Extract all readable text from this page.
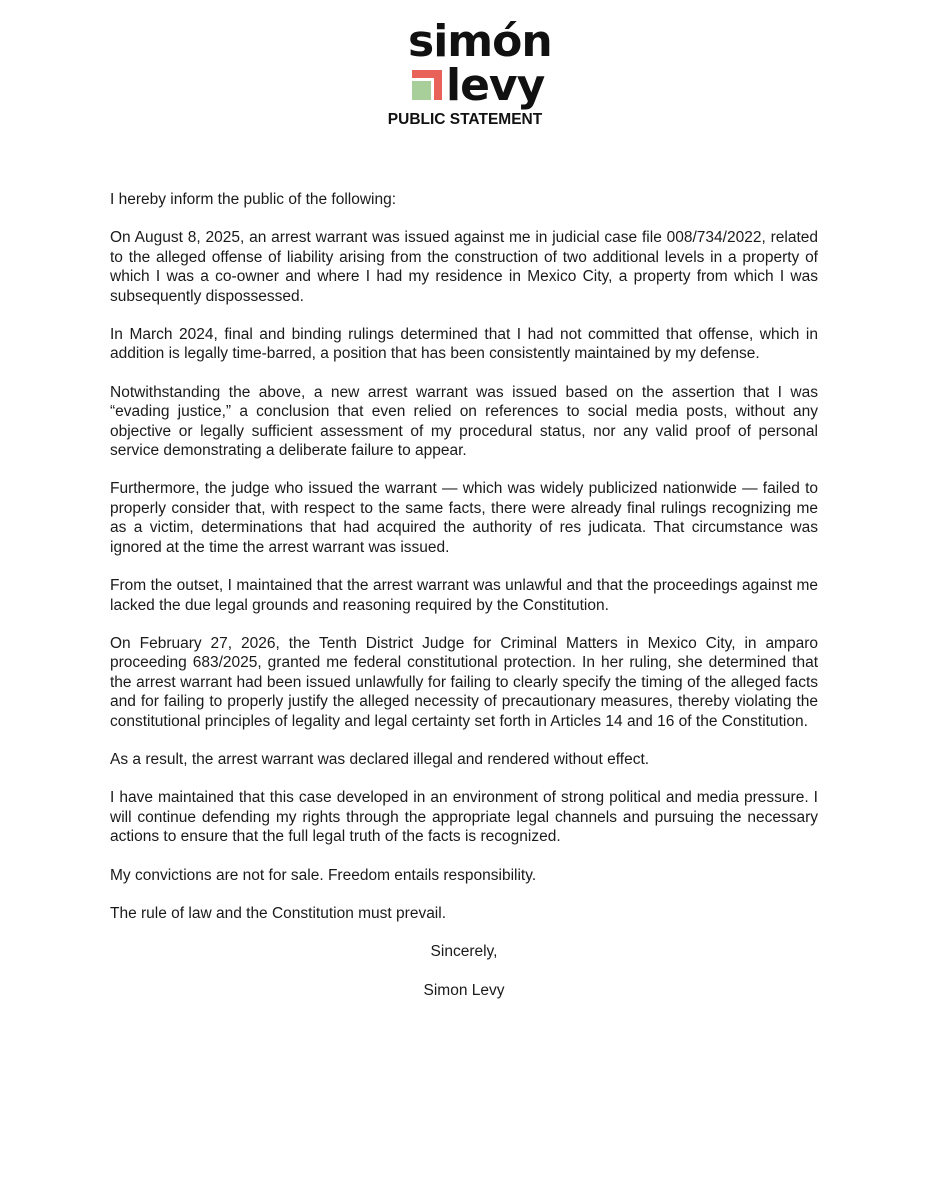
simón
levy
PUBLIC STATEMENT

I hereby inform the public of the following:

On August 8, 2025, an arrest warrant was issued against me in judicial case file 008/734/2022, related to the alleged offense of liability arising from the construction of two additional levels in a property of which I was a co-owner and where I had my residence in Mexico City, a property from which I was subsequently dispossessed.

In March 2024, final and binding rulings determined that I had not committed that offense, which in addition is legally time-barred, a position that has been consistently maintained by my defense.

Notwithstanding the above, a new arrest warrant was issued based on the assertion that I was “evading justice,” a conclusion that even relied on references to social media posts, without any objective or legally sufficient assessment of my procedural status, nor any valid proof of personal service demonstrating a deliberate failure to appear.

Furthermore, the judge who issued the warrant — which was widely publicized nationwide — failed to properly consider that, with respect to the same facts, there were already final rulings recognizing me as a victim, determinations that had acquired the authority of res judicata. That circumstance was ignored at the time the arrest warrant was issued.

From the outset, I maintained that the arrest warrant was unlawful and that the proceedings against me lacked the due legal grounds and reasoning required by the Constitution.

On February 27, 2026, the Tenth District Judge for Criminal Matters in Mexico City, in amparo proceeding 683/2025, granted me federal constitutional protection. In her ruling, she determined that the arrest warrant had been issued unlawfully for failing to clearly specify the timing of the alleged facts and for failing to properly justify the alleged necessity of precautionary measures, thereby violating the constitutional principles of legality and legal certainty set forth in Articles 14 and 16 of the Constitution.

As a result, the arrest warrant was declared illegal and rendered without effect.

I have maintained that this case developed in an environment of strong political and media pressure. I will continue defending my rights through the appropriate legal channels and pursuing the necessary actions to ensure that the full legal truth of the facts is recognized.

My convictions are not for sale. Freedom entails responsibility.

The rule of law and the Constitution must prevail.

Sincerely,

Simon Levy
